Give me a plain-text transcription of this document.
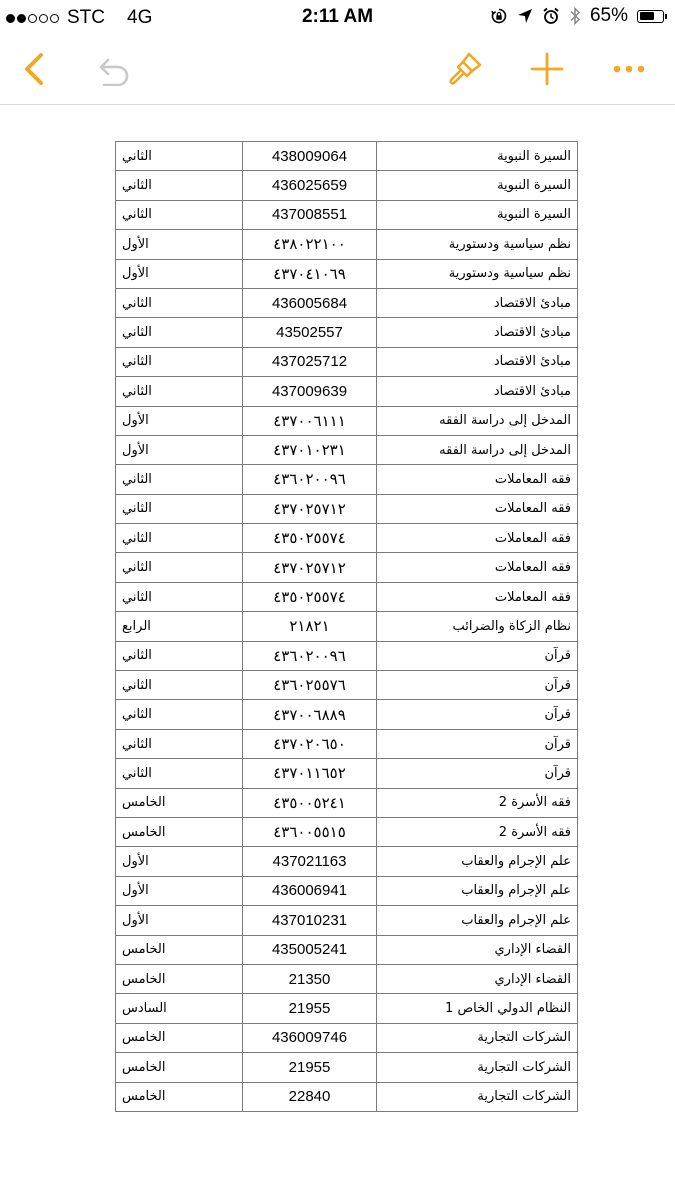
STC 4G	2:11 AM	65%
الثاني	438009064	السيرة النبوية
الثاني	436025659	السيرة النبوية
الثاني	437008551	السيرة النبوية
الأول	٤٣٨٠٢٢١٠٠	نظم سياسية ودستورية
الأول	٤٣٧٠٤١٠٦٩	نظم سياسية ودستورية
الثاني	436005684	مبادئ الاقتصاد
الثاني	43502557	مبادئ الاقتصاد
الثاني	437025712	مبادئ الاقتصاد
الثاني	437009639	مبادئ الاقتصاد
الأول	٤٣٧٠٠٦١١١	المدخل إلى دراسة الفقه
الأول	٤٣٧٠١٠٢٣١	المدخل إلى دراسة الفقه
الثاني	٤٣٦٠٢٠٠٩٦	فقه المعاملات
الثاني	٤٣٧٠٢٥٧١٢	فقه المعاملات
الثاني	٤٣٥٠٢٥٥٧٤	فقه المعاملات
الثاني	٤٣٧٠٢٥٧١٢	فقه المعاملات
الثاني	٤٣٥٠٢٥٥٧٤	فقه المعاملات
الرابع	٢١٨٢١	نظام الزكاة والضرائب
الثاني	٤٣٦٠٢٠٠٩٦	قرآن
الثاني	٤٣٦٠٢٥٥٧٦	قرآن
الثاني	٤٣٧٠٠٦٨٨٩	قرآن
الثاني	٤٣٧٠٢٠٦٥٠	قرآن
الثاني	٤٣٧٠١١٦٥٢	قرآن
الخامس	٤٣٥٠٠٥٢٤١	فقه الأسرة 2
الخامس	٤٣٦٠٠٥٥١٥	فقه الأسرة 2
الأول	437021163	علم الإجرام والعقاب
الأول	436006941	علم الإجرام والعقاب
الأول	437010231	علم الإجرام والعقاب
الخامس	435005241	القضاء الإداري
الخامس	21350	القضاء الإداري
السادس	21955	النظام الدولي الخاص 1
الخامس	436009746	الشركات التجارية
الخامس	21955	الشركات التجارية
الخامس	22840	الشركات التجارية
